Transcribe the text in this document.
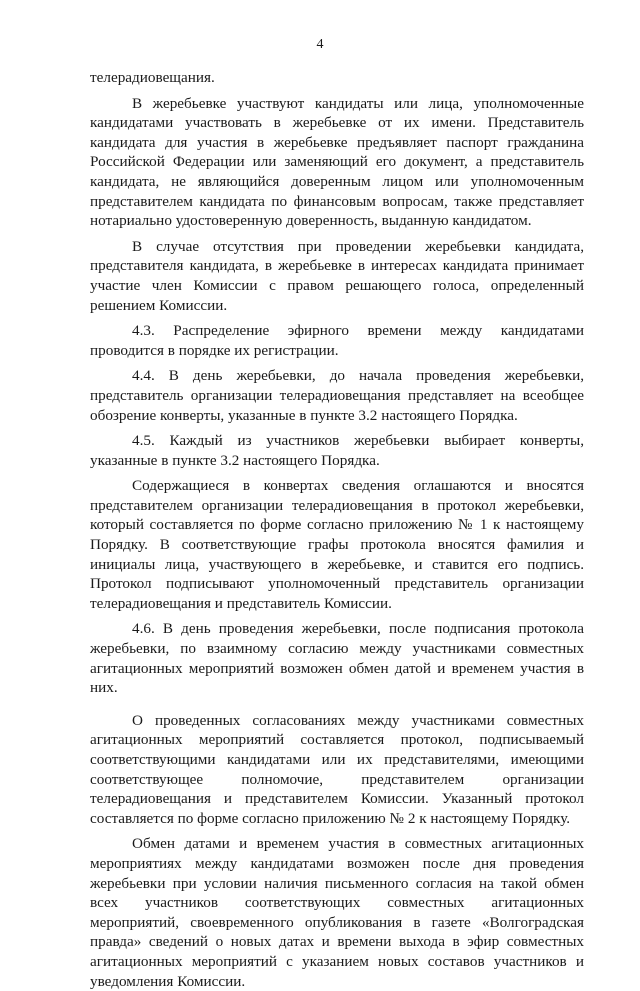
4

телерадиовещания.

В жеребьевке участвуют кандидаты или лица, уполномоченные кандидатами участвовать в жеребьевке от их имени. Представитель кандидата для участия в жеребьевке предъявляет паспорт гражданина Российской Федерации или заменяющий его документ, а представитель кандидата, не являющийся доверенным лицом или уполномоченным представителем кандидата по финансовым вопросам, также представляет нотариально удостоверенную доверенность, выданную кандидатом.

В случае отсутствия при проведении жеребьевки кандидата, представителя кандидата, в жеребьевке в интересах кандидата принимает участие член Комиссии с правом решающего голоса, определенный решением Комиссии.

4.3. Распределение эфирного времени между кандидатами проводится в порядке их регистрации.

4.4. В день жеребьевки, до начала проведения жеребьевки, представитель организации телерадиовещания представляет на всеобщее обозрение конверты, указанные в пункте 3.2 настоящего Порядка.

4.5. Каждый из участников жеребьевки выбирает конверты, указанные в пункте 3.2 настоящего Порядка.

Содержащиеся в конвертах сведения оглашаются и вносятся представителем организации телерадиовещания в протокол жеребьевки, который составляется по форме согласно приложению № 1 к настоящему Порядку. В соответствующие графы протокола вносятся фамилия и инициалы лица, участвующего в жеребьевке, и ставится его подпись. Протокол подписывают уполномоченный представитель организации телерадиовещания и представитель Комиссии.

4.6. В день проведения жеребьевки, после подписания протокола жеребьевки, по взаимному согласию между участниками совместных агитационных мероприятий возможен обмен датой и временем участия в них.

О проведенных согласованиях между участниками совместных агитационных мероприятий составляется протокол, подписываемый соответствующими кандидатами или их представителями, имеющими соответствующее полномочие, представителем организации телерадиовещания и представителем Комиссии. Указанный протокол составляется по форме согласно приложению № 2 к настоящему Порядку.

Обмен датами и временем участия в совместных агитационных мероприятиях между кандидатами возможен после дня проведения жеребьевки при условии наличия письменного согласия на такой обмен всех участников соответствующих совместных агитационных мероприятий, своевременного опубликования в газете «Волгоградская правда» сведений о новых датах и времени выхода в эфир совместных агитационных мероприятий с указанием новых составов участников и уведомления Комиссии.
